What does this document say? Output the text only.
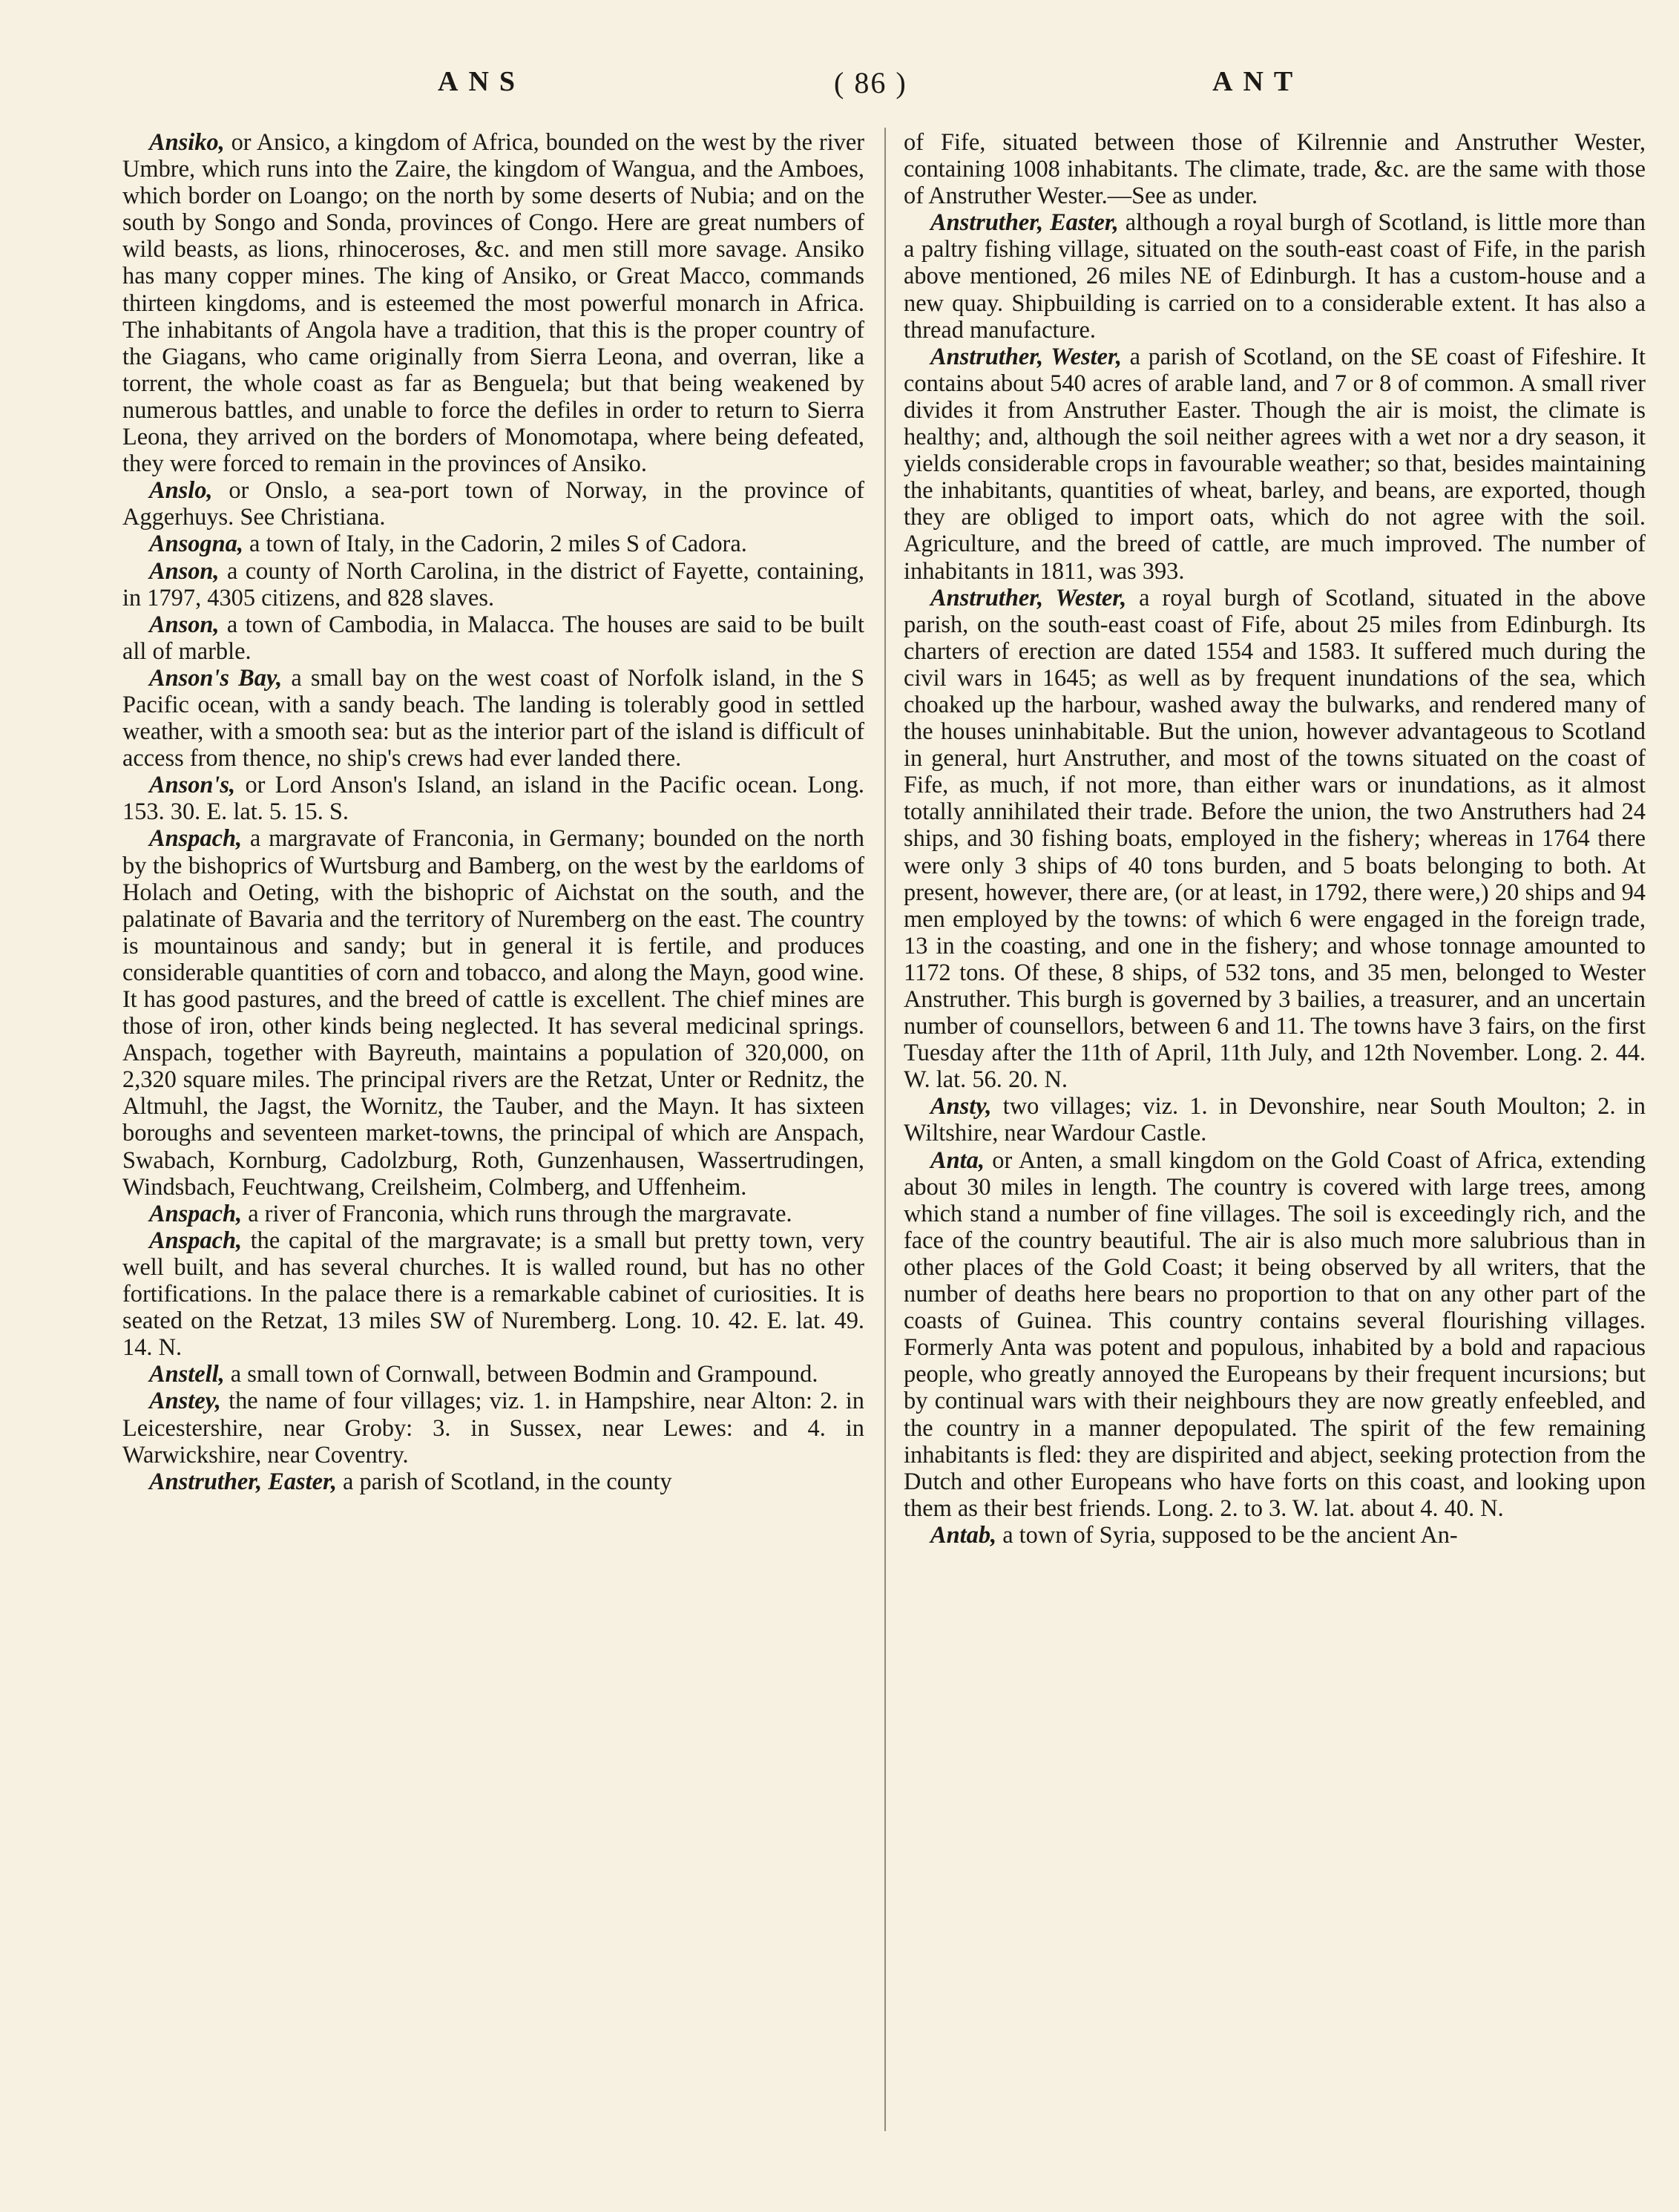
ANS	( 86 )	ANT

Ansiko, or Ansico, a kingdom of Africa, bounded on the west by the river Umbre, which runs into the Zaire, the kingdom of Wangua, and the Amboes, which border on Loango; on the north by some deserts of Nubia; and on the south by Songo and Sonda, provinces of Congo. Here are great numbers of wild beasts, as lions, rhinoceroses, &c. and men still more savage. Ansiko has many copper mines. The king of Ansiko, or Great Macco, commands thirteen kingdoms, and is esteemed the most powerful monarch in Africa. The inhabitants of Angola have a tradition, that this is the proper country of the Giagans, who came originally from Sierra Leona, and overran, like a torrent, the whole coast as far as Benguela; but that being weakened by numerous battles, and unable to force the defiles in order to return to Sierra Leona, they arrived on the borders of Monomotapa, where being defeated, they were forced to remain in the provinces of Ansiko.

Anslo, or Onslo, a sea-port town of Norway, in the province of Aggerhuys. See Christiana.

Ansogna, a town of Italy, in the Cadorin, 2 miles S of Cadora.

Anson, a county of North Carolina, in the district of Fayette, containing, in 1797, 4305 citizens, and 828 slaves.

Anson, a town of Cambodia, in Malacca. The houses are said to be built all of marble.

Anson's Bay, a small bay on the west coast of Norfolk island, in the S Pacific ocean, with a sandy beach. The landing is tolerably good in settled weather, with a smooth sea: but as the interior part of the island is difficult of access from thence, no ship's crews had ever landed there.

Anson's, or Lord Anson's Island, an island in the Pacific ocean. Long. 153. 30. E. lat. 5. 15. S.

Anspach, a margravate of Franconia, in Germany; bounded on the north by the bishoprics of Wurtsburg and Bamberg, on the west by the earldoms of Holach and Oeting, with the bishopric of Aichstat on the south, and the palatinate of Bavaria and the territory of Nuremberg on the east. The country is mountainous and sandy; but in general it is fertile, and produces considerable quantities of corn and tobacco, and along the Mayn, good wine. It has good pastures, and the breed of cattle is excellent. The chief mines are those of iron, other kinds being neglected. It has several medicinal springs. Anspach, together with Bayreuth, maintains a population of 320,000, on 2,320 square miles. The principal rivers are the Retzat, Unter or Rednitz, the Altmuhl, the Jagst, the Wornitz, the Tauber, and the Mayn. It has sixteen boroughs and seventeen market-towns, the principal of which are Anspach, Swabach, Kornburg, Cadolzburg, Roth, Gunzenhausen, Wassertrudingen, Windsbach, Feuchtwang, Creilsheim, Colmberg, and Uffenheim.

Anspach, a river of Franconia, which runs through the margravate.

Anspach, the capital of the margravate; is a small but pretty town, very well built, and has several churches. It is walled round, but has no other fortifications. In the palace there is a remarkable cabinet of curiosities. It is seated on the Retzat, 13 miles SW of Nuremberg. Long. 10. 42. E. lat. 49. 14. N.

Anstell, a small town of Cornwall, between Bodmin and Grampound.

Anstey, the name of four villages; viz. 1. in Hampshire, near Alton: 2. in Leicestershire, near Groby: 3. in Sussex, near Lewes: and 4. in Warwickshire, near Coventry.

Anstruther, Easter, a parish of Scotland, in the county

of Fife, situated between those of Kilrennie and Anstruther Wester, containing 1008 inhabitants. The climate, trade, &c. are the same with those of Anstruther Wester.—See as under.

Anstruther, Easter, although a royal burgh of Scotland, is little more than a paltry fishing village, situated on the south-east coast of Fife, in the parish above mentioned, 26 miles NE of Edinburgh. It has a custom-house and a new quay. Shipbuilding is carried on to a considerable extent. It has also a thread manufacture.

Anstruther, Wester, a parish of Scotland, on the SE coast of Fifeshire. It contains about 540 acres of arable land, and 7 or 8 of common. A small river divides it from Anstruther Easter. Though the air is moist, the climate is healthy; and, although the soil neither agrees with a wet nor a dry season, it yields considerable crops in favourable weather; so that, besides maintaining the inhabitants, quantities of wheat, barley, and beans, are exported, though they are obliged to import oats, which do not agree with the soil. Agriculture, and the breed of cattle, are much improved. The number of inhabitants in 1811, was 393.

Anstruther, Wester, a royal burgh of Scotland, situated in the above parish, on the south-east coast of Fife, about 25 miles from Edinburgh. Its charters of erection are dated 1554 and 1583. It suffered much during the civil wars in 1645; as well as by frequent inundations of the sea, which choaked up the harbour, washed away the bulwarks, and rendered many of the houses uninhabitable. But the union, however advantageous to Scotland in general, hurt Anstruther, and most of the towns situated on the coast of Fife, as much, if not more, than either wars or inundations, as it almost totally annihilated their trade. Before the union, the two Anstruthers had 24 ships, and 30 fishing boats, employed in the fishery; whereas in 1764 there were only 3 ships of 40 tons burden, and 5 boats belonging to both. At present, however, there are, (or at least, in 1792, there were,) 20 ships and 94 men employed by the towns: of which 6 were engaged in the foreign trade, 13 in the coasting, and one in the fishery; and whose tonnage amounted to 1172 tons. Of these, 8 ships, of 532 tons, and 35 men, belonged to Wester Anstruther. This burgh is governed by 3 bailies, a treasurer, and an uncertain number of counsellors, between 6 and 11. The towns have 3 fairs, on the first Tuesday after the 11th of April, 11th July, and 12th November. Long. 2. 44. W. lat. 56. 20. N.

Ansty, two villages; viz. 1. in Devonshire, near South Moulton; 2. in Wiltshire, near Wardour Castle.

Anta, or Anten, a small kingdom on the Gold Coast of Africa, extending about 30 miles in length. The country is covered with large trees, among which stand a number of fine villages. The soil is exceedingly rich, and the face of the country beautiful. The air is also much more salubrious than in other places of the Gold Coast; it being observed by all writers, that the number of deaths here bears no proportion to that on any other part of the coasts of Guinea. This country contains several flourishing villages. Formerly Anta was potent and populous, inhabited by a bold and rapacious people, who greatly annoyed the Europeans by their frequent incursions; but by continual wars with their neighbours they are now greatly enfeebled, and the country in a manner depopulated. The spirit of the few remaining inhabitants is fled: they are dispirited and abject, seeking protection from the Dutch and other Europeans who have forts on this coast, and looking upon them as their best friends. Long. 2. to 3. W. lat. about 4. 40. N.

Antab, a town of Syria, supposed to be the ancient An-
